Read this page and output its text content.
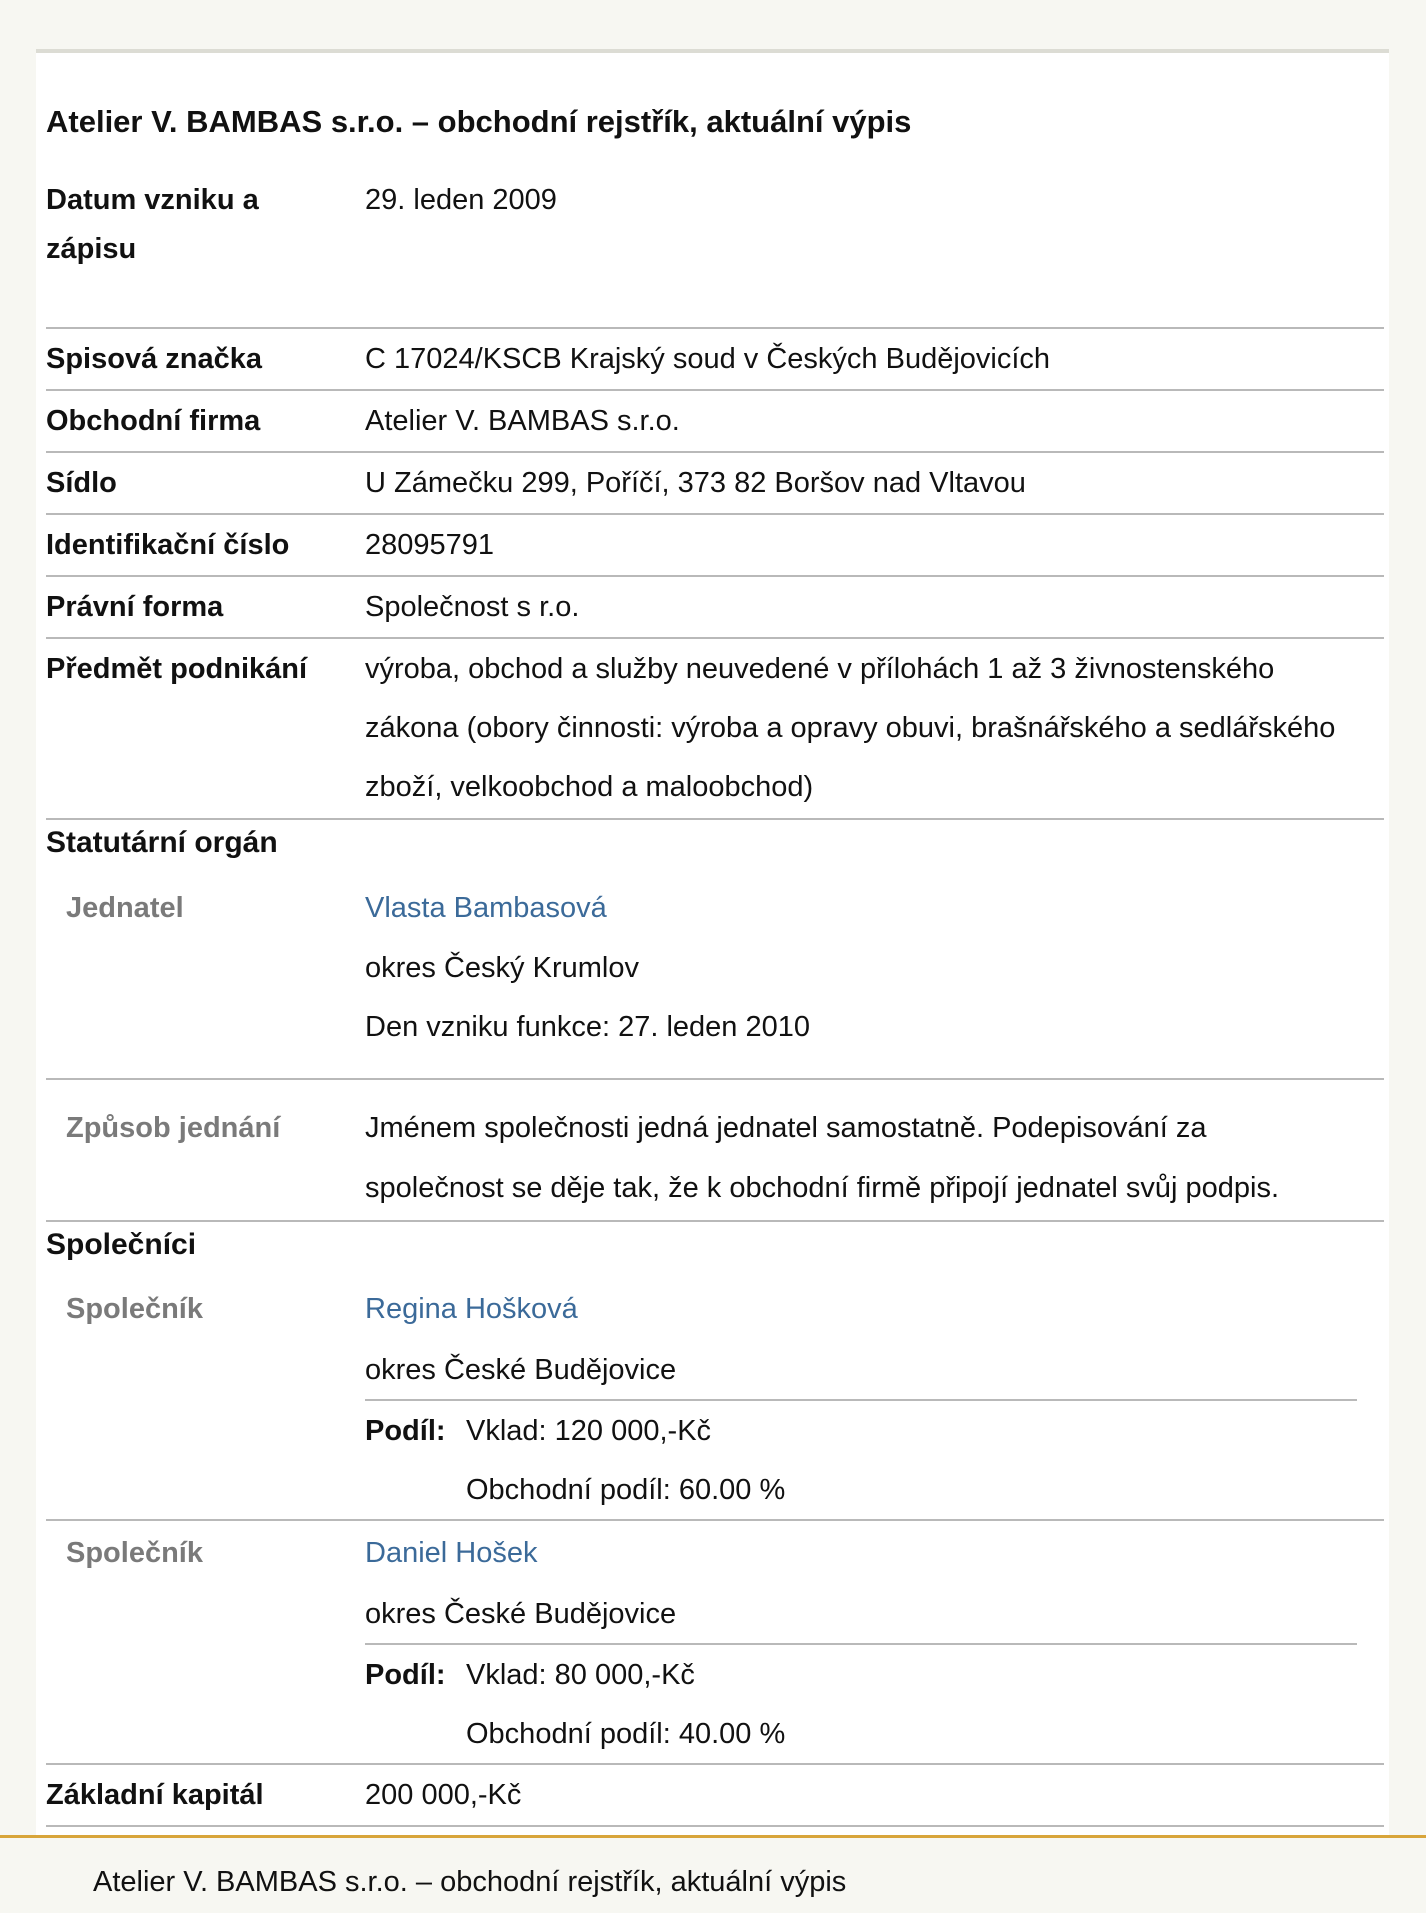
Atelier V. BAMBAS s.r.o. – obchodní rejstřík, aktuální výpis
Datum vzniku a
zápisu
29. leden 2009
Spisová značka	C 17024/KSCB Krajský soud v Českých Budějovicích
Obchodní firma	Atelier V. BAMBAS s.r.o.
Sídlo	U Zámečku 299, Poříčí, 373 82 Boršov nad Vltavou
Identifikační číslo	28095791
Právní forma	Společnost s r.o.
Předmět podnikání výroba, obchod a služby neuvedené v přílohách 1 až 3 živnostenského
zákona (obory činnosti: výroba a opravy obuvi, brašnářského a sedlářského
zboží, velkoobchod a maloobchod)
Statutární orgán
Jednatel	Vlasta Bambasová
okres Český Krumlov
Den vzniku funkce: 27. leden 2010
Způsob jednání	Jménem společnosti jedná jednatel samostatně. Podepisování za
společnost se děje tak, že k obchodní firmě připojí jednatel svůj podpis.
Společníci
Společník	Regina Hošková
okres České Budějovice
Podíl: Vklad: 120 000,-Kč
Obchodní podíl: 60.00 %
Společník	Daniel Hošek
okres České Budějovice
Podíl: Vklad: 80 000,-Kč
Obchodní podíl: 40.00 %
Základní kapitál	200 000,-Kč
Atelier V. BAMBAS s.r.o. – obchodní rejstřík, aktuální výpis
